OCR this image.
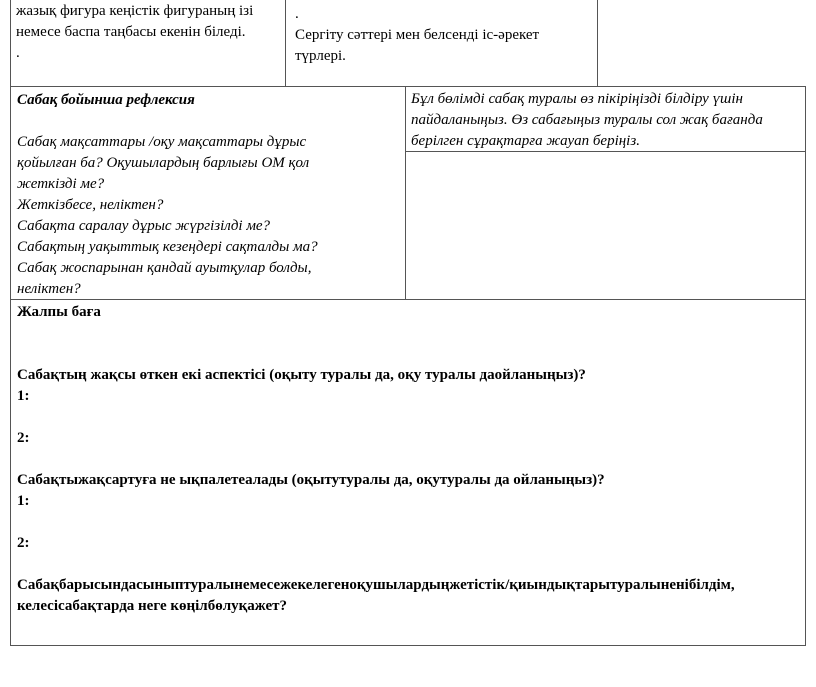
жазық фигура кеңістік фигураның ізі
немесе баспа таңбасы екенін біледі.
.
.
Сергіту сәттері мен белсенді іс-әрекет
түрлері.
Сабақ бойынша рефлексия
Сабақ мақсаттары /оқу мақсаттары дұрыс
қойылған ба? Оқушылардың барлығы ОМ қол
жеткізді ме?
Жеткізбесе, неліктен?
Сабақта саралау дұрыс жүргізілді ме?
Сабақтың уақыттық кезеңдері сақталды ма?
Сабақ жоспарынан қандай ауытқулар болды,
неліктен?
Бұл бөлімді сабақ туралы өз пікіріңізді білдіру үшін
пайдаланыңыз. Өз сабағыңыз туралы сол жақ бағанда
берілген сұрақтарға жауап беріңіз.
Жалпы баға
Сабақтың жақсы өткен екі аспектісі (оқыту туралы да, оқу туралы даойланыңыз)?
1:
2:
Сабақтыжақсартуға не ықпалетеалады (оқытутуралы да, оқутуралы да ойланыңыз)?
1:
2:
Сабақбарысындасыныптуралынемесежекелегеноқушылардыңжетістік/қиындықтарытуралыненібілдім,
келесісабақтарда неге көңілбөлуқажет?
